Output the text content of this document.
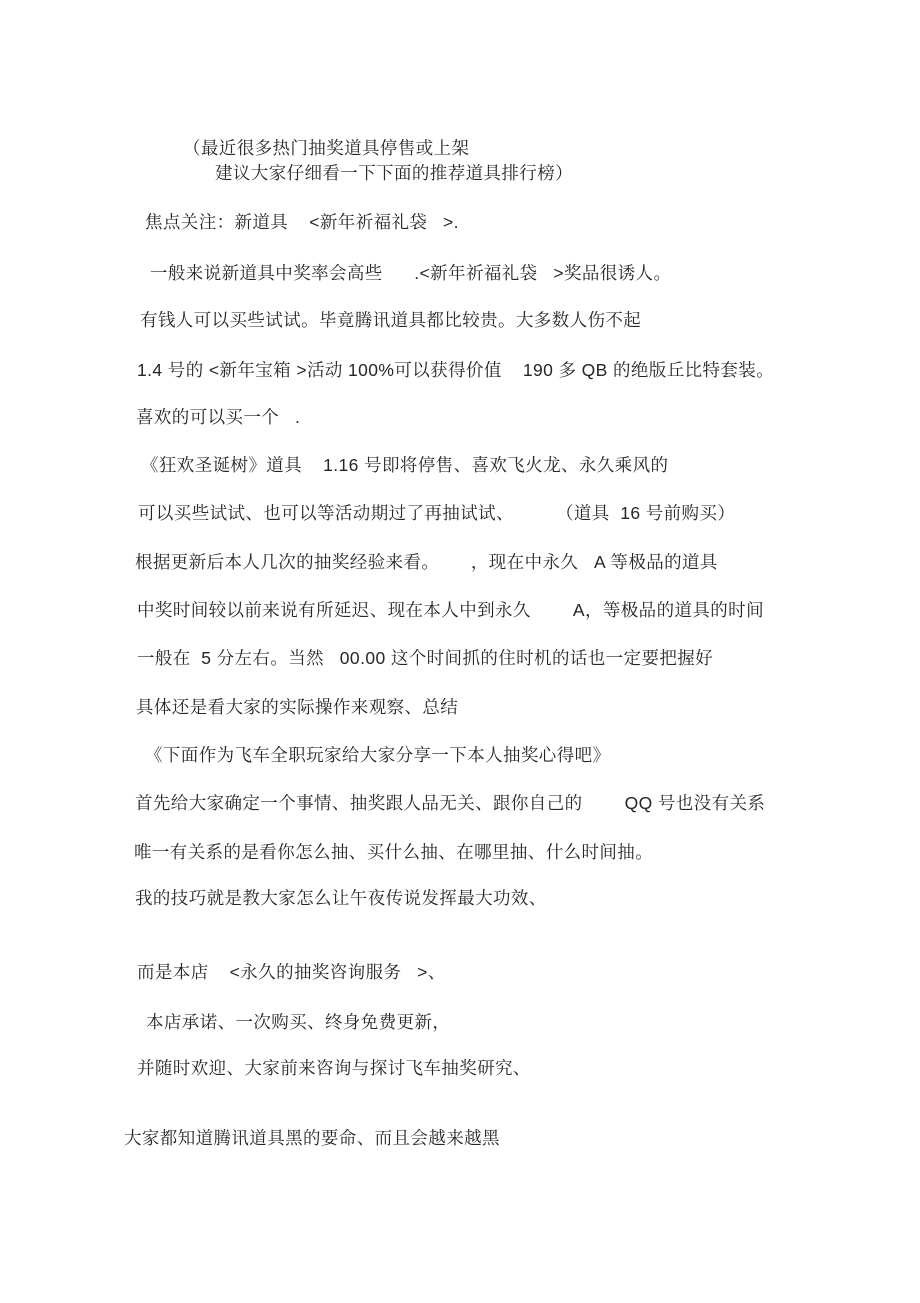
（最近很多热门抽奖道具停售或上架
建议大家仔细看一下下面的推荐道具排行榜）
焦点关注：新道具    <新年祈福礼袋   >.
一般来说新道具中奖率会高些      .<新年祈福礼袋   >奖品很诱人。
有钱人可以买些试试。毕竟腾讯道具都比较贵。大多数人伤不起
1.4 号的 <新年宝箱 >活动 100%可以获得价值    190 多 QB 的绝版丘比特套装。
喜欢的可以买一个   .
《狂欢圣诞树》道具    1.16 号即将停售、喜欢飞火龙、永久乘风的
可以买些试试、也可以等活动期过了再抽试试、        （道具  16 号前购买）
根据更新后本人几次的抽奖经验来看。      ，现在中永久   A 等极品的道具
中奖时间较以前来说有所延迟、现在本人中到永久        A，等极品的道具的时间
一般在  5 分左右。当然   00.00 这个时间抓的住时机的话也一定要把握好
具体还是看大家的实际操作来观察、总结
《下面作为飞车全职玩家给大家分享一下本人抽奖心得吧》
首先给大家确定一个事情、抽奖跟人品无关、跟你自己的        QQ 号也没有关系
唯一有关系的是看你怎么抽、买什么抽、在哪里抽、什么时间抽。
我的技巧就是教大家怎么让午夜传说发挥最大功效、
而是本店    <永久的抽奖咨询服务   >、
本店承诺、一次购买、终身免费更新，
并随时欢迎、大家前来咨询与探讨飞车抽奖研究、
大家都知道腾讯道具黑的要命、而且会越来越黑
